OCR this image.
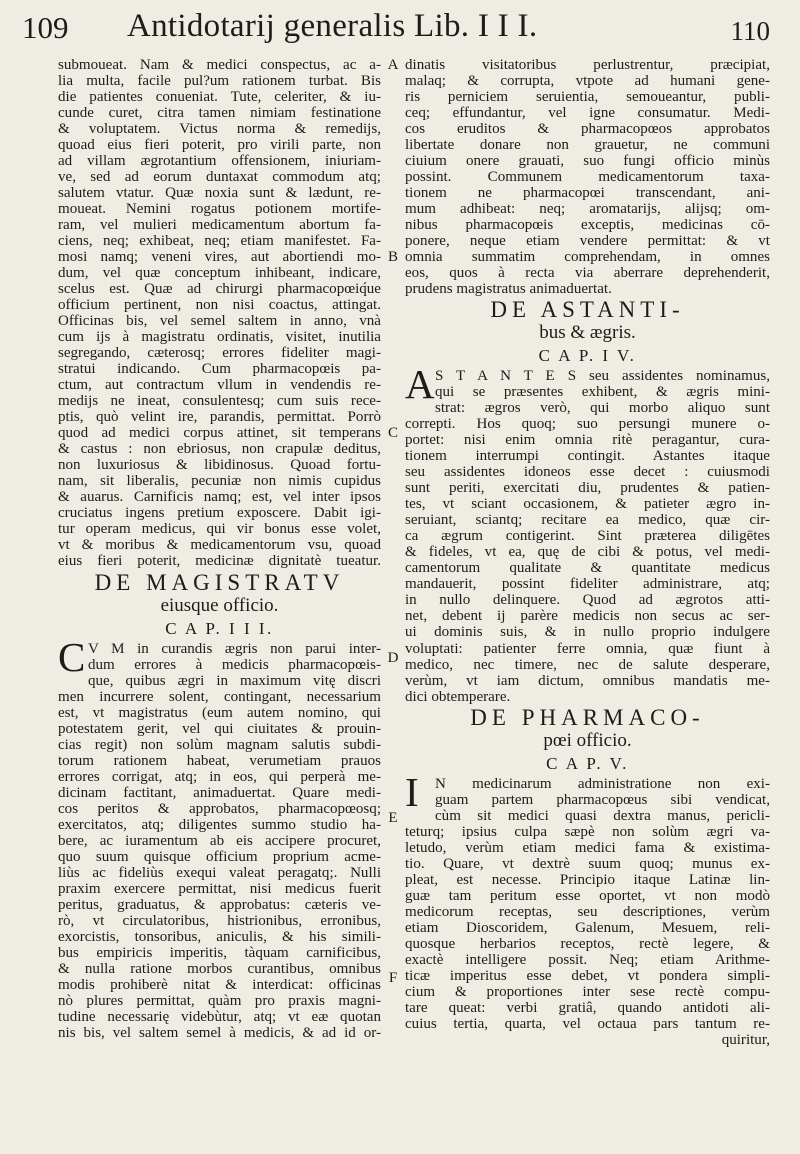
109 Antidotarij generalis Lib. I I I.	110
submoueat. Nam & medici conspectus, ac a-
lia multa, facile pul?um rationem turbat. Bis
die patientes conueniat. Tute, celeriter, & iu-
cunde curet, citra tamen nimiam festinatione
& voluptatem. Victus norma & remedijs,
quoad eius fieri poterit, pro virili parte, non
ad villam ægrotantium offensionem, iniuriam-
ve, sed ad eorum duntaxat commodum atq;
salutem vtatur. Quæ noxia sunt & lædunt, re-
moueat. Nemini rogatus potionem mortife-
ram, vel mulieri medicamentum abortum fa-
ciens, neq; exhibeat, neq; etiam manifestet. Fa-
mosi namq; veneni vires, aut abortiendi mo-
dum, vel quæ conceptum inhibeant, indicare,
scelus est. Quæ ad chirurgi pharmacopœiq́ue
officium pertinent, non nisi coactus, attingat.
Officinas bis, vel semel saltem in anno, vnà
cum ijs à magistratu ordinatis, visitet, inutilia
segregando, cæterosq; errores fideliter magi-
stratui indicando. Cum pharmacopœis pa-
ctum, aut contractum vllum in vendendis re-
medijs ne ineat, consulentesq; cum suis rece-
ptis, quò velint ire, parandis, permittat. Porrò
quod ad medici corpus attinet, sit temperans
& castus : non ebriosus, non crapulæ deditus,
non luxuriosus & libidinosus. Quoad fortu-
nam, sit liberalis, pecuniæ non nimis cupidus
& auarus. Carnificis namq; est, vel inter ipsos
cruciatus ingens pretium exposcere. Dabit igi-
tur operam medicus, qui vir bonus esse volet,
vt & moribus & medicamentorum vsu, quoad
eius fieri poterit, medicinæ dignitatè tueatur.
DE MAGISTRATV
eiusque officio.
C A P. I I I.
C V M in curandis ægris non parui inter-
dum errores à medicis pharmacopœis-
que, quibus ægri in maximum vitę discri
men incurrere solent, contingant, necessarium
est, vt magistratus (eum autem nomino, qui
potestatem gerit, vel qui ciuitates & prouin-
cias regit) non solùm magnam salutis subdi-
torum rationem habeat, verumetiam prauos
errores corrigat, atq; in eos, qui perperà me-
dicinam factitant, animaduertat. Quare medi-
cos peritos & approbatos, pharmacopœosq;
exercitatos, atq; diligentes summo studio ha-
bere, ac iuramentum ab eis accipere procuret,
quo suum quisque officium proprium acme-
liùs ac fideliùs exequi valeat peragatq;. Nulli
praxim exercere permittat, nisi medicus fuerit
peritus, graduatus, & approbatus: cæteris ve-
rò, vt circulatoribus, histrionibus, erronibus,
exorcistis, tonsoribus, aniculis, & his simili-
bus empiricis imperitis, tàquam carnificibus,
& nulla ratione morbos curantibus, omnibus
modis prohiberè nitat & interdicat: officinas
nò plures permittat, quàm pro praxis magni-
tudine necessarię videbùtur, atq; vt eæ quotan
nis bis, vel saltem semel à medicis, & ad id or-
A
B
C
D
E
F
dinatis visitatoribus perlustrentur, præcipiat,
malaq; & corrupta, vtpote ad humani gene-
ris perniciem seruientia, semoueantur, publi-
ceq; effundantur, vel igne consumatur. Medi-
cos eruditos & pharmacopœos approbatos
libertate donare non grauetur, ne communi
ciuium onere grauati, suo fungi officio minùs
possint. Communem medicamentorum taxa-
tionem ne pharmacopœi transcendant, ani-
mum adhibeat: neq; aromatarijs, alijsq; om-
nibus pharmacopœis exceptis, medicinas cō-
ponere, neque etiam vendere permittat: & vt
omnia summatim comprehendam, in omnes
eos, quos à recta via aberrare deprehenderit,
prudens magistratus animaduertat.
DE ASTANTI-
bus & ægris.
C A P. I V.
A S T A N T E S seu assidentes nominamus,
qui se præsentes exhibent, & ægris mini-
strat: ægros verò, qui morbo aliquo sunt
correpti. Hos quoq; suo persungi munere o-
portet: nisi enim omnia ritè peragantur, cura-
tionem interrumpi contingit. Astantes itaque
seu assidentes idoneos esse decet : cuiusmodi
sunt periti, exercitati diu, prudentes & patien-
tes, vt sciant occasionem, & patieter ægro in-
seruiant, sciantq; recitare ea medico, quæ cir-
ca ægrum contigerint. Sint præterea diligētes
& fideles, vt ea, quę de cibi & potus, vel medi-
camentorum qualitate & quantitate medicus
mandauerit, possint fideliter administrare, atq;
in nullo delinquere. Quod ad ægrotos atti-
net, debent ij parère medicis non secus ac ser-
ui dominis suis, & in nullo proprio indulgere
voluptati: patienter ferre omnia, quæ fiunt à
medico, nec timere, nec de salute desperare,
verùm, vt iam dictum, omnibus mandatis me-
dici obtemperare.
DE PHARMACO-
pœi officio.
C A P. V.
I N medicinarum administratione non exi-
guam partem pharmacopœus sibi vendicat,
cùm sit medici quasi dextra manus, pericli-
teturq; ipsius culpa sæpè non solùm ægri va-
letudo, verùm etiam medici fama & existima-
tio. Quare, vt dextrè suum quoq; munus ex-
pleat, est necesse. Principio itaque Latinæ lin-
guæ tam peritum esse oportet, vt non modò
medicorum receptas, seu descriptiones, verùm
etiam Dioscoridem, Galenum, Mesuem, reli-
quosque herbarios receptos, rectè legere, &
exactè intelligere possit. Neq; etiam Arithme-
ticæ imperitus esse debet, vt pondera simpli-
cium & proportiones inter sese rectè compu-
tare queat: verbi gratiâ, quando antidoti ali-
cuius tertia, quarta, vel octaua pars tantum re-
quiritur,
